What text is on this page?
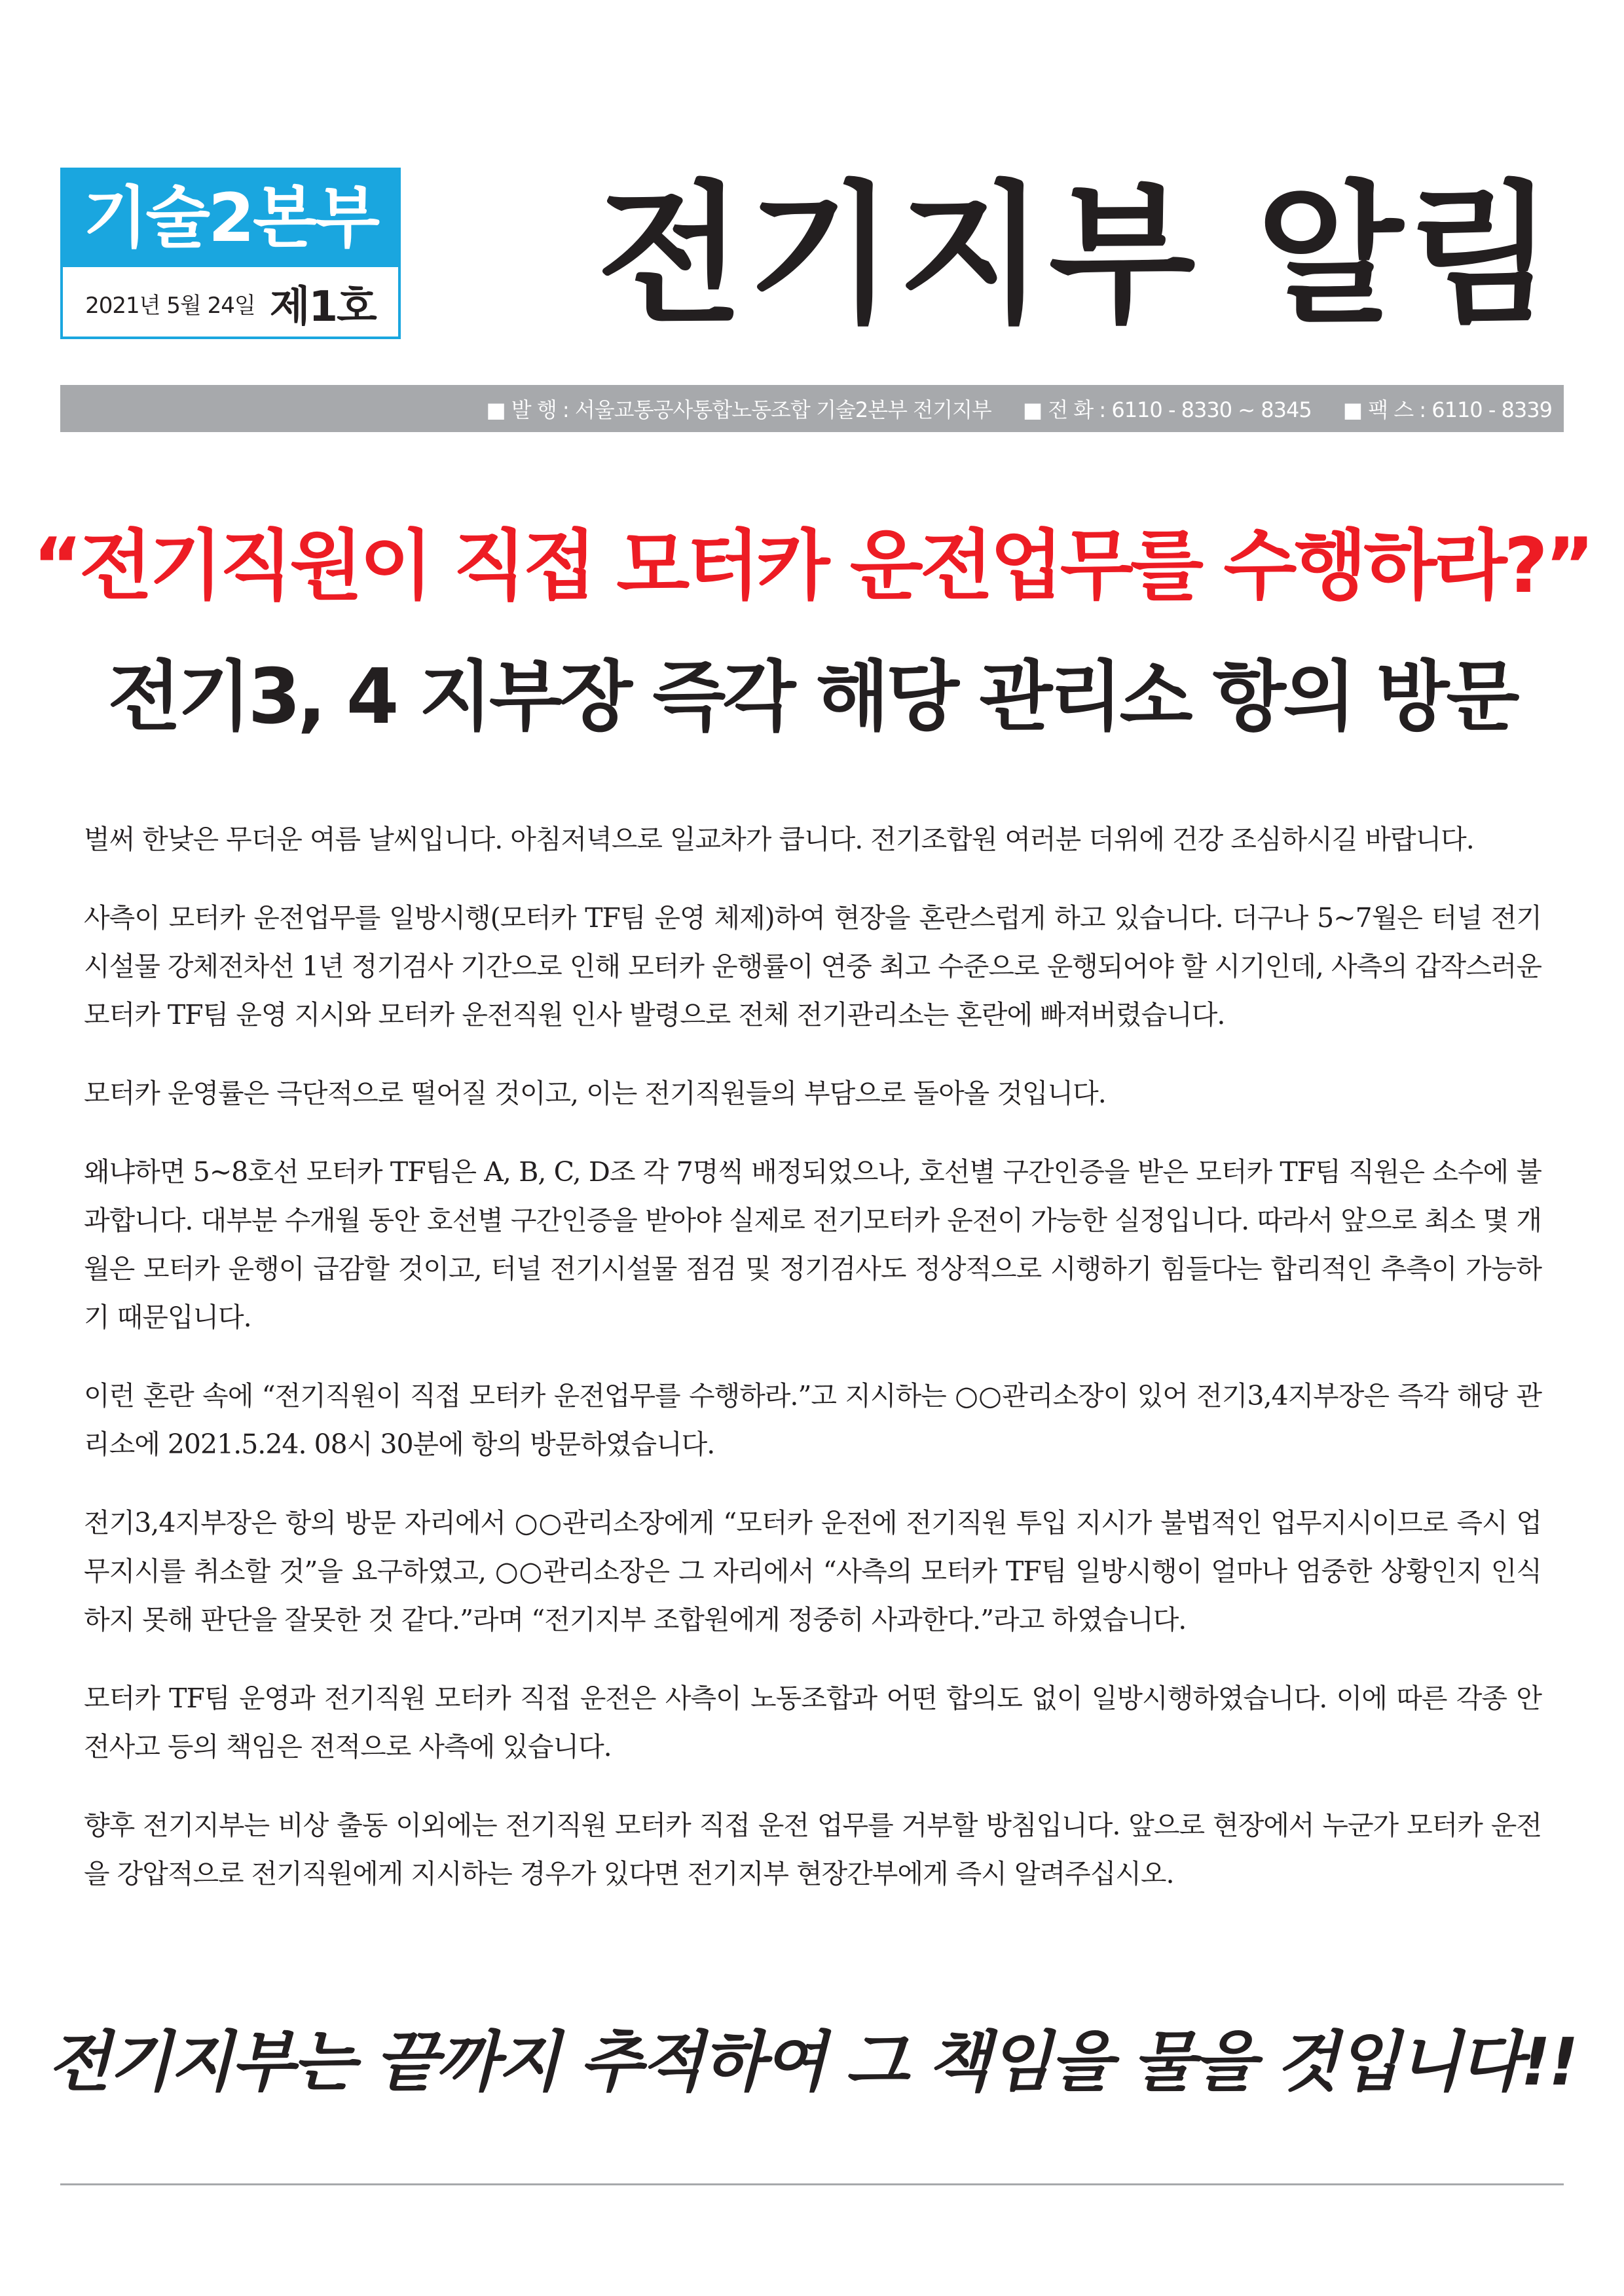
기술2본부
2021년 5월 24일 제1호 전기지부 알림
■ 발 행 : 서울교통공사통합노동조합 기술2본부 전기지부 ■ 전 화 : 6110 - 8330 ~ 8345 ■ 팩 스 : 6110 - 8339
“전기직원이 직접 모터카 운전업무를 수행하라?”
전기3, 4 지부장 즉각 해당 관리소 항의 방문

벌써 한낮은 무더운 여름 날씨입니다. 아침저녁으로 일교차가 큽니다. 전기조합원 여러분 더위에 건강 조심하시길 바랍니다.

사측이 모터카 운전업무를 일방시행(모터카 TF팀 운영 체제)하여 현장을 혼란스럽게 하고 있습니다. 더구나 5~7월은 터널 전기시설물 강체전차선 1년 정기검사 기간으로 인해 모터카 운행률이 연중 최고 수준으로 운행되어야 할 시기인데, 사측의 갑작스러운 모터카 TF팀 운영 지시와 모터카 운전직원 인사 발령으로 전체 전기관리소는 혼란에 빠져버렸습니다.

모터카 운영률은 극단적으로 떨어질 것이고, 이는 전기직원들의 부담으로 돌아올 것입니다.

왜냐하면 5~8호선 모터카 TF팀은 A, B, C, D조 각 7명씩 배정되었으나, 호선별 구간인증을 받은 모터카 TF팀 직원은 소수에 불과합니다. 대부분 수개월 동안 호선별 구간인증을 받아야 실제로 전기모터카 운전이 가능한 실정입니다. 따라서 앞으로 최소 몇 개월은 모터카 운행이 급감할 것이고, 터널 전기시설물 점검 및 정기검사도 정상적으로 시행하기 힘들다는 합리적인 추측이 가능하기 때문입니다.

이런 혼란 속에 “전기직원이 직접 모터카 운전업무를 수행하라.”고 지시하는 ○○관리소장이 있어 전기3,4지부장은 즉각 해당 관리소에 2021.5.24. 08시 30분에 항의 방문하였습니다.

전기3,4지부장은 항의 방문 자리에서 ○○관리소장에게 “모터카 운전에 전기직원 투입 지시가 불법적인 업무지시이므로 즉시 업무지시를 취소할 것”을 요구하였고, ○○관리소장은 그 자리에서 “사측의 모터카 TF팀 일방시행이 얼마나 엄중한 상황인지 인식하지 못해 판단을 잘못한 것 같다.”라며 “전기지부 조합원에게 정중히 사과한다.”라고 하였습니다.

모터카 TF팀 운영과 전기직원 모터카 직접 운전은 사측이 노동조합과 어떤 합의도 없이 일방시행하였습니다. 이에 따른 각종 안전사고 등의 책임은 전적으로 사측에 있습니다.

향후 전기지부는 비상 출동 이외에는 전기직원 모터카 직접 운전 업무를 거부할 방침입니다. 앞으로 현장에서 누군가 모터카 운전을 강압적으로 전기직원에게 지시하는 경우가 있다면 전기지부 현장간부에게 즉시 알려주십시오.

전기지부는 끝까지 추적하여 그 책임을 물을 것입니다!!
